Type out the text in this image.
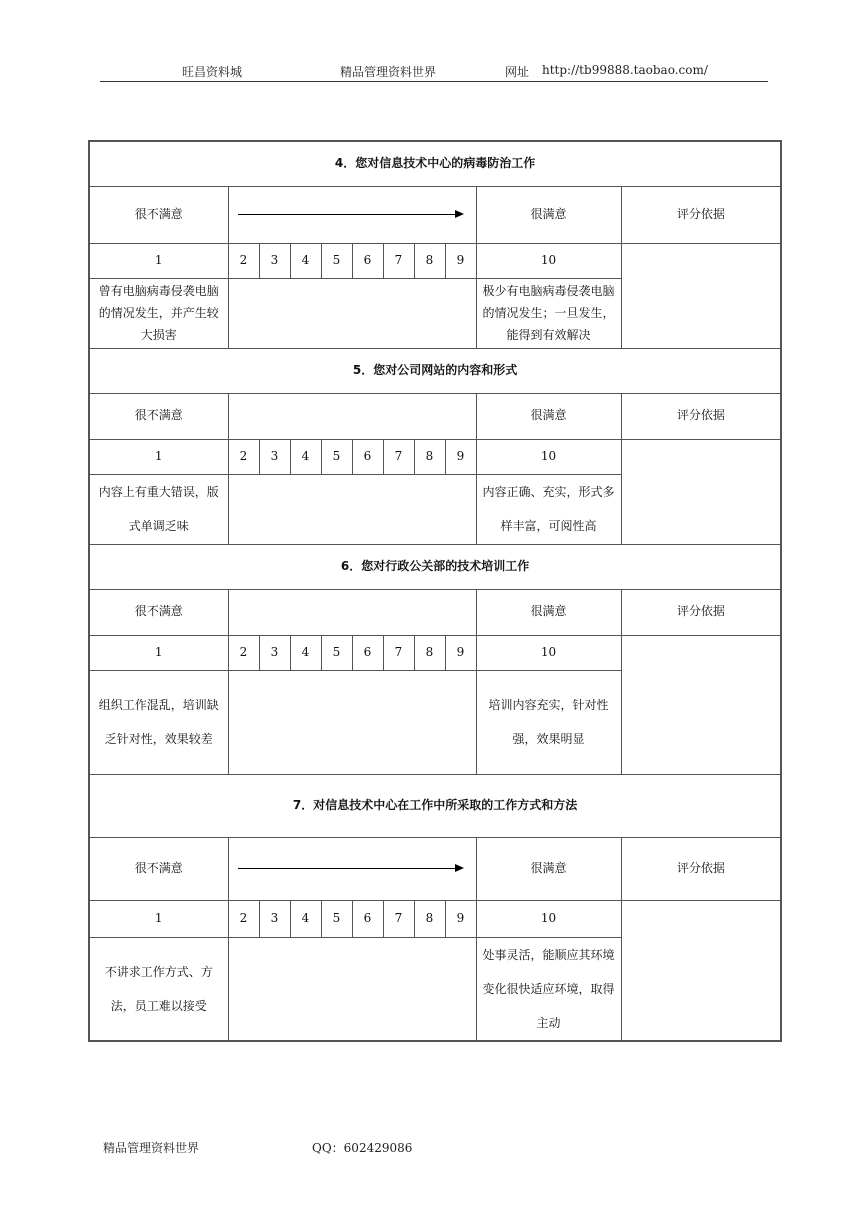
旺昌资料城	精品管理资料世界	网址 http://tb99888.taobao.com/
4．您对信息技术中心的病毒防治工作										
很不满意									很满意	评分依据
1	2	3	4	5	6	7	8	9	10	
曾有电脑病毒侵袭电脑的情况发生，并产生较大损害									极少有电脑病毒侵袭电脑的情况发生；一旦发生，能得到有效解决	
5．您对公司网站的内容和形式										
很不满意									很满意	评分依据
1	2	3	4	5	6	7	8	9	10	
内容上有重大错误，版式单调乏味									内容正确、充实，形式多样丰富，可阅性高	
6．您对行政公关部的技术培训工作										
很不满意									很满意	评分依据
1	2	3	4	5	6	7	8	9	10	
组织工作混乱，培训缺乏针对性，效果较差									培训内容充实，针对性强，效果明显	
7．对信息技术中心在工作中所采取的工作方式和方法										
很不满意									很满意	评分依据
1	2	3	4	5	6	7	8	9	10	
不讲求工作方式、方法，员工难以接受									处事灵活，能顺应其环境变化很快适应环境，取得主动	
精品管理资料世界	QQ：602429086
